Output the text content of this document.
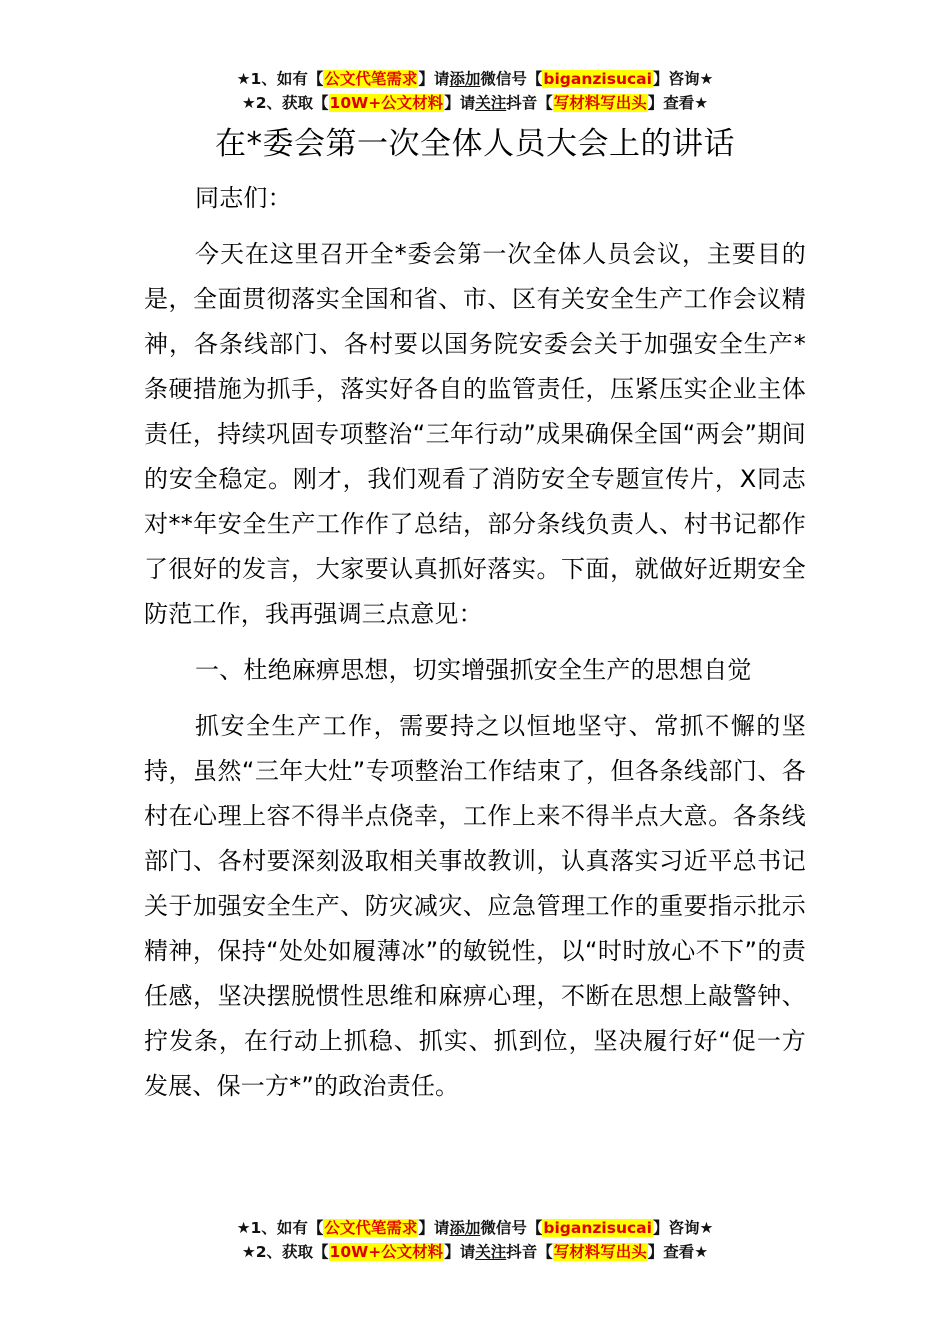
★1、如有【公文代笔需求】请添加微信号【biganzisucai】咨询★
★2、获取【10W+公文材料】请关注抖音【写材料写出头】查看★
在*委会第一次全体人员大会上的讲话

同志们：

今天在这里召开全*委会第一次全体人员会议，主要目的是，全面贯彻落实全国和省、市、区有关安全生产工作会议精神，各条线部门、各村要以国务院安委会关于加强安全生产*条硬措施为抓手，落实好各自的监管责任，压紧压实企业主体责任，持续巩固专项整治“三年行动”成果确保全国“两会”期间的安全稳定。刚才，我们观看了消防安全专题宣传片，X同志对**年安全生产工作作了总结，部分条线负责人、村书记都作了很好的发言，大家要认真抓好落实。下面，就做好近期安全防范工作，我再强调三点意见：

一、杜绝麻痹思想，切实增强抓安全生产的思想自觉

抓安全生产工作，需要持之以恒地坚守、常抓不懈的坚持，虽然“三年大灶”专项整治工作结束了，但各条线部门、各村在心理上容不得半点侥幸，工作上来不得半点大意。各条线部门、各村要深刻汲取相关事故教训，认真落实习近平总书记关于加强安全生产、防灾减灾、应急管理工作的重要指示批示精神，保持“处处如履薄冰”的敏锐性，以“时时放心不下”的责任感，坚决摆脱惯性思维和麻痹心理，不断在思想上敲警钟、拧发条，在行动上抓稳、抓实、抓到位，坚决履行好“促一方发展、保一方*”的政治责任。

★1、如有【公文代笔需求】请添加微信号【biganzisucai】咨询★
★2、获取【10W+公文材料】请关注抖音【写材料写出头】查看★
